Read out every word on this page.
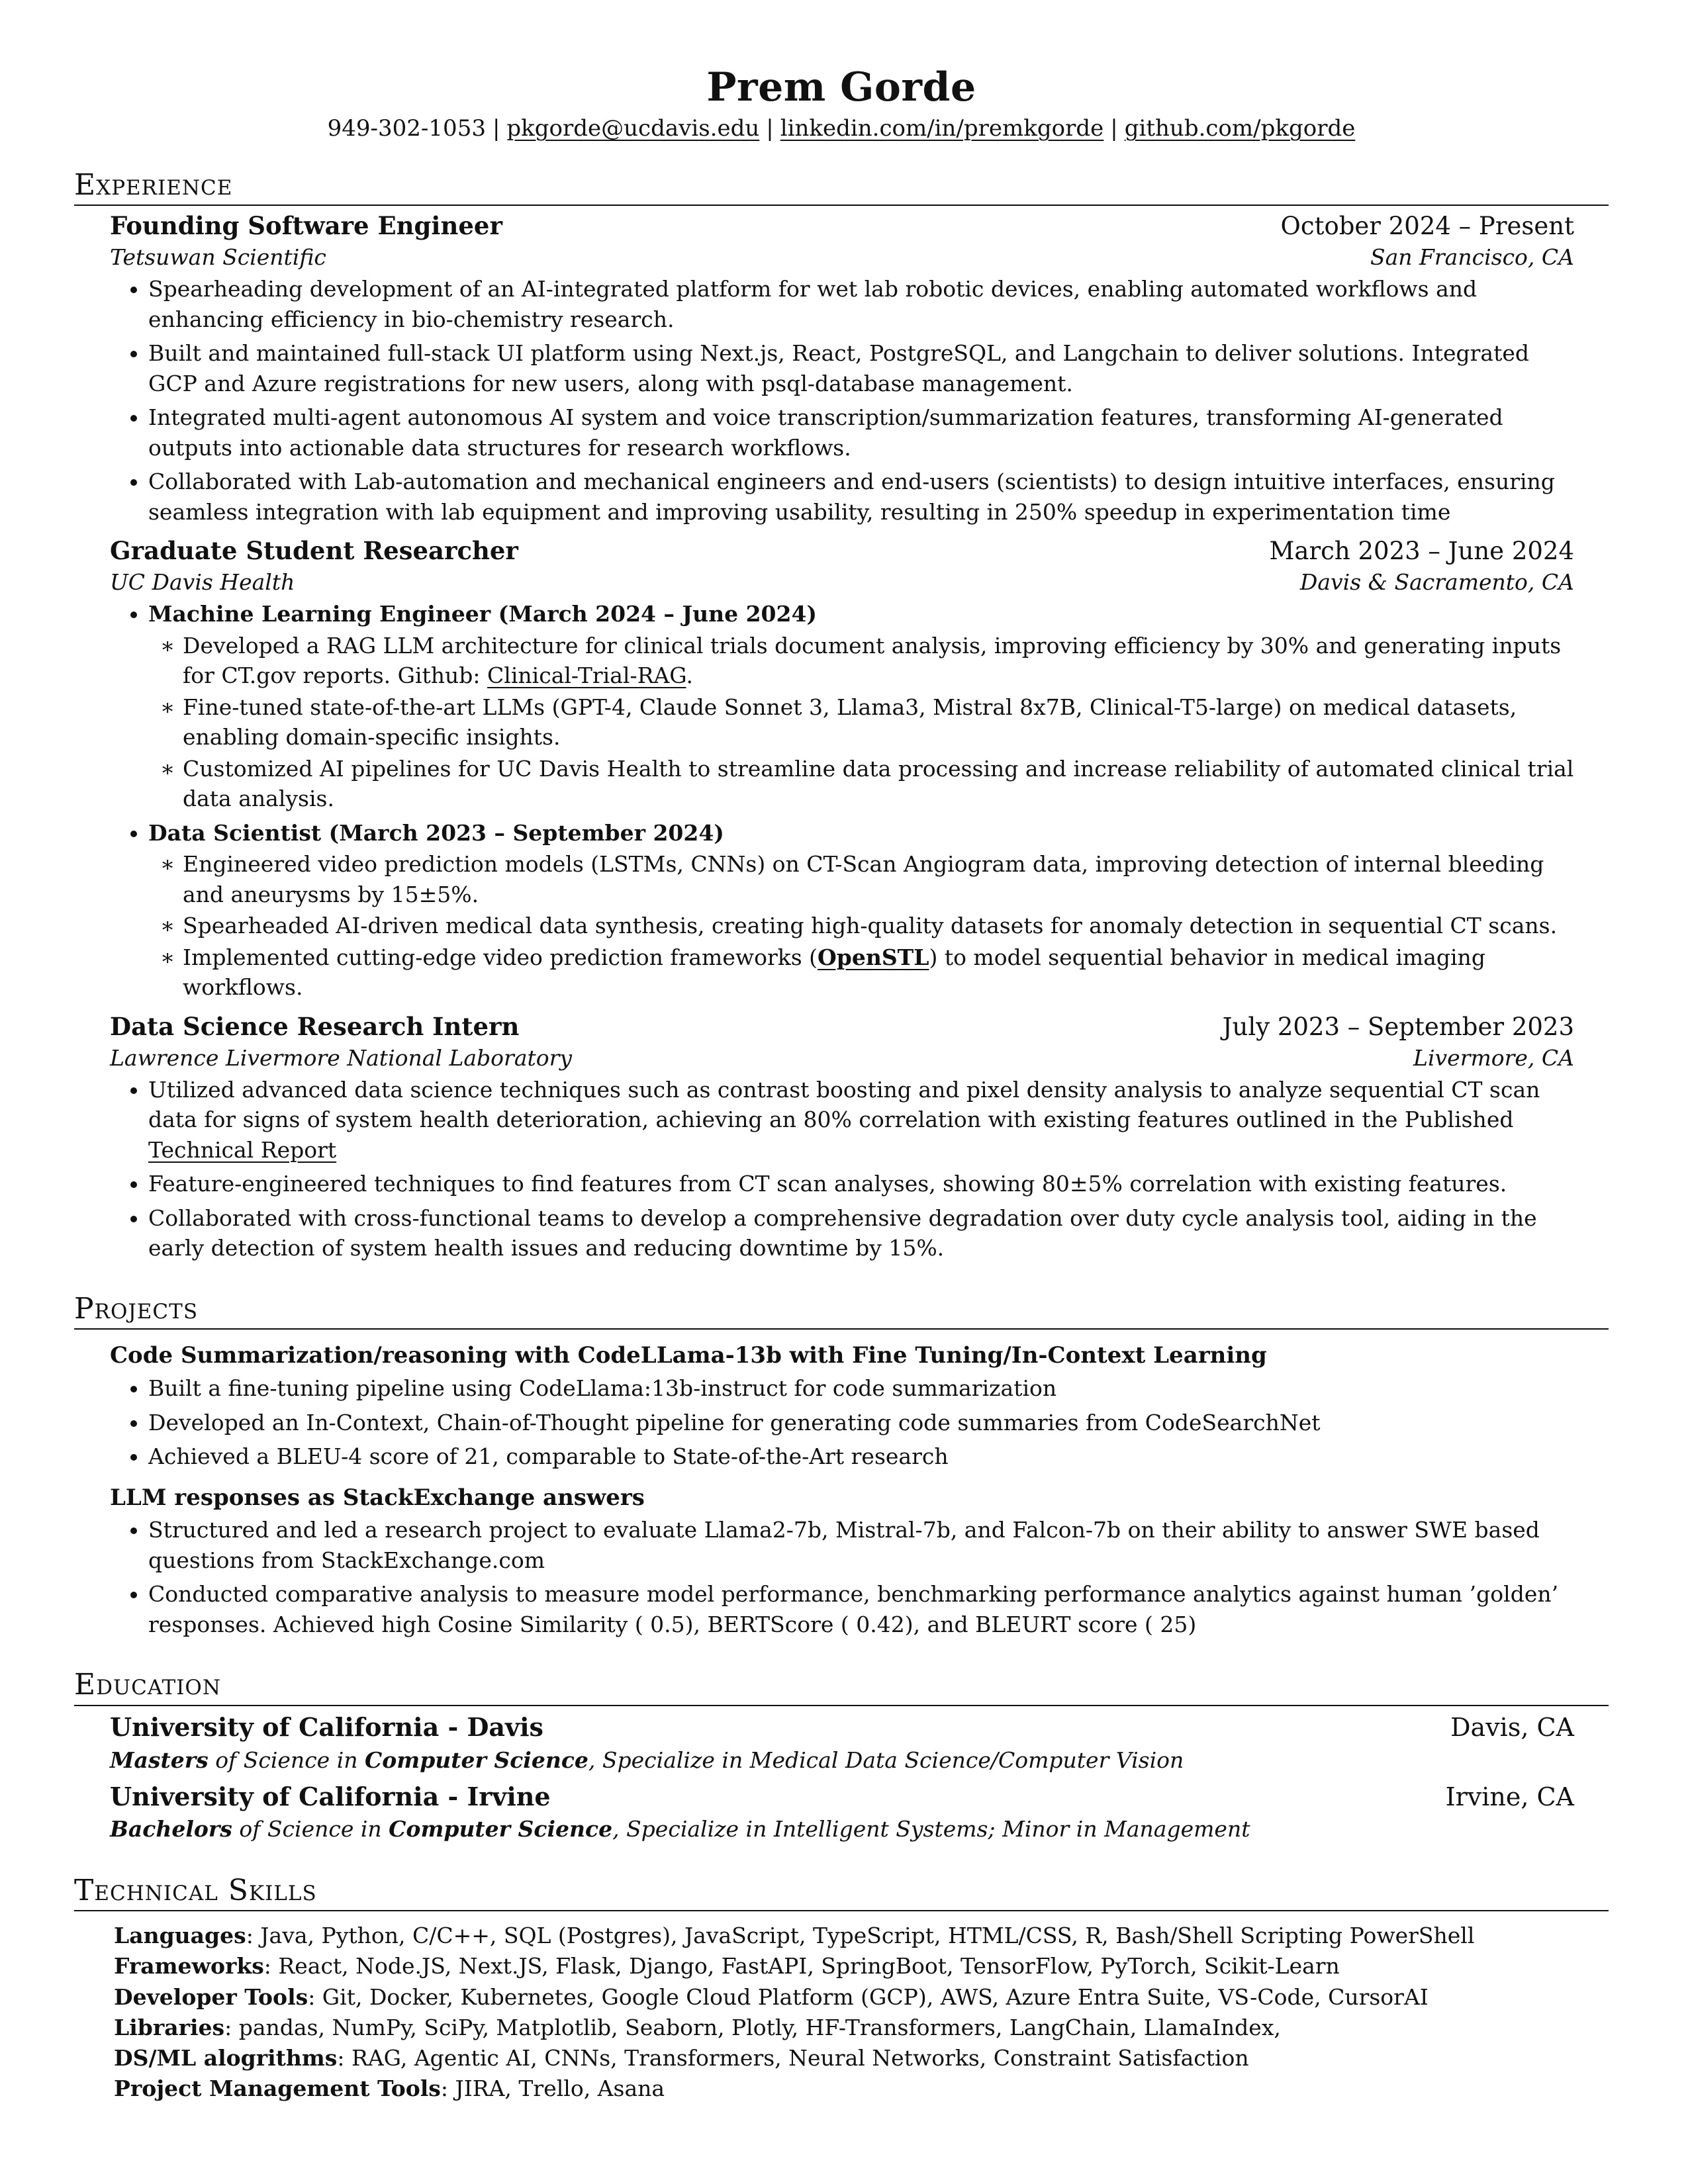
Prem Gorde
949-302-1053 | pkgorde@ucdavis.edu | linkedin.com/in/premkgorde | github.com/pkgorde
Experience
Founding Software Engineer	October 2024 – Present
Tetsuwan Scientific	San Francisco, CA
• Spearheading development of an AI-integrated platform for wet lab robotic devices, enabling automated workflows and enhancing efficiency in bio-chemistry research.
• Built and maintained full-stack UI platform using Next.js, React, PostgreSQL, and Langchain to deliver solutions. Integrated GCP and Azure registrations for new users, along with psql-database management.
• Integrated multi-agent autonomous AI system and voice transcription/summarization features, transforming AI-generated outputs into actionable data structures for research workflows.
• Collaborated with Lab-automation and mechanical engineers and end-users (scientists) to design intuitive interfaces, ensuring seamless integration with lab equipment and improving usability, resulting in 250% speedup in experimentation time
Graduate Student Researcher	March 2023 – June 2024
UC Davis Health	Davis & Sacramento, CA
• Machine Learning Engineer (March 2024 – June 2024)
∗ Developed a RAG LLM architecture for clinical trials document analysis, improving efficiency by 30% and generating inputs for CT.gov reports. Github: Clinical-Trial-RAG.
∗ Fine-tuned state-of-the-art LLMs (GPT-4, Claude Sonnet 3, Llama3, Mistral 8x7B, Clinical-T5-large) on medical datasets, enabling domain-specific insights.
∗ Customized AI pipelines for UC Davis Health to streamline data processing and increase reliability of automated clinical trial data analysis.
• Data Scientist (March 2023 – September 2024)
∗ Engineered video prediction models (LSTMs, CNNs) on CT-Scan Angiogram data, improving detection of internal bleeding and aneurysms by 15±5%.
∗ Spearheaded AI-driven medical data synthesis, creating high-quality datasets for anomaly detection in sequential CT scans.
∗ Implemented cutting-edge video prediction frameworks (OpenSTL) to model sequential behavior in medical imaging workflows.
Data Science Research Intern	July 2023 – September 2023
Lawrence Livermore National Laboratory	Livermore, CA
• Utilized advanced data science techniques such as contrast boosting and pixel density analysis to analyze sequential CT scan data for signs of system health deterioration, achieving an 80% correlation with existing features outlined in the Published Technical Report
• Feature-engineered techniques to find features from CT scan analyses, showing 80±5% correlation with existing features.
• Collaborated with cross-functional teams to develop a comprehensive degradation over duty cycle analysis tool, aiding in the early detection of system health issues and reducing downtime by 15%.
Projects
Code Summarization/reasoning with CodeLLama-13b with Fine Tuning/In-Context Learning
• Built a fine-tuning pipeline using CodeLlama:13b-instruct for code summarization
• Developed an In-Context, Chain-of-Thought pipeline for generating code summaries from CodeSearchNet
• Achieved a BLEU-4 score of 21, comparable to State-of-the-Art research
LLM responses as StackExchange answers
• Structured and led a research project to evaluate Llama2-7b, Mistral-7b, and Falcon-7b on their ability to answer SWE based questions from StackExchange.com
• Conducted comparative analysis to measure model performance, benchmarking performance analytics against human ’golden’ responses. Achieved high Cosine Similarity ( 0.5), BERTScore ( 0.42), and BLEURT score ( 25)
Education
University of California - Davis	Davis, CA
Masters of Science in Computer Science, Specialize in Medical Data Science/Computer Vision
University of California - Irvine	Irvine, CA
Bachelors of Science in Computer Science, Specialize in Intelligent Systems; Minor in Management
Technical Skills
Languages: Java, Python, C/C++, SQL (Postgres), JavaScript, TypeScript, HTML/CSS, R, Bash/Shell Scripting PowerShell
Frameworks: React, Node.JS, Next.JS, Flask, Django, FastAPI, SpringBoot, TensorFlow, PyTorch, Scikit-Learn
Developer Tools: Git, Docker, Kubernetes, Google Cloud Platform (GCP), AWS, Azure Entra Suite, VS-Code, CursorAI
Libraries: pandas, NumPy, SciPy, Matplotlib, Seaborn, Plotly, HF-Transformers, LangChain, LlamaIndex,
DS/ML alogrithms: RAG, Agentic AI, CNNs, Transformers, Neural Networks, Constraint Satisfaction
Project Management Tools: JIRA, Trello, Asana
